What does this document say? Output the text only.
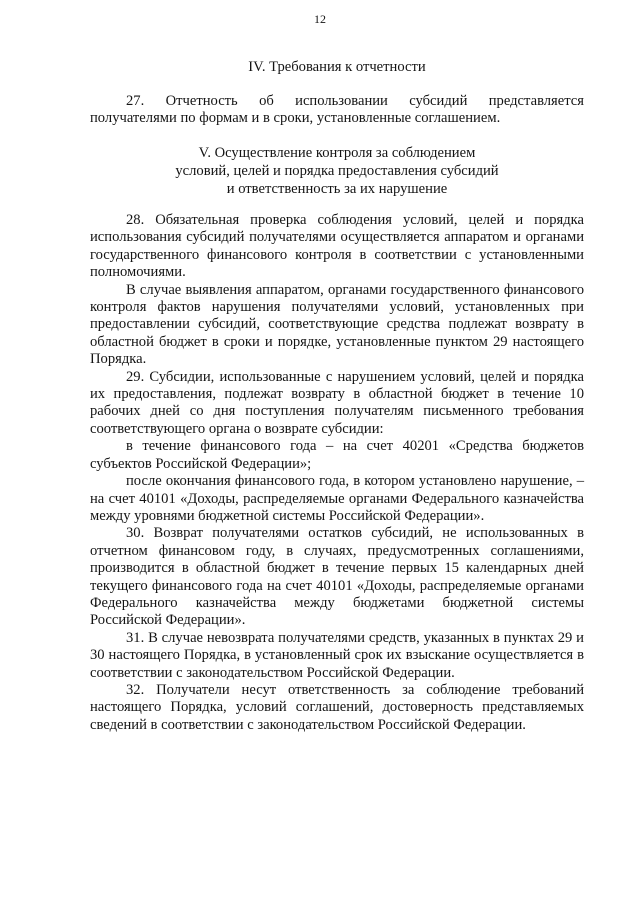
12
IV. Требования к отчетности

27. Отчетность об использовании субсидий представляется получателями по формам и в сроки, установленные соглашением.

V. Осуществление контроля за соблюдением
условий, целей и порядка предоставления субсидий
и ответственность за их нарушение

28. Обязательная проверка соблюдения условий, целей и порядка использования субсидий получателями осуществляется аппаратом и органами государственного финансового контроля в соответствии с установленными полномочиями.

В случае выявления аппаратом, органами государственного финансового контроля фактов нарушения получателями условий, установленных при предоставлении субсидий, соответствующие средства подлежат возврату в областной бюджет в сроки и порядке, установленные пунктом 29 настоящего Порядка.

29. Субсидии, использованные с нарушением условий, целей и порядка их предоставления, подлежат возврату в областной бюджет в течение 10 рабочих дней со дня поступления получателям письменного требования соответствующего органа о возврате субсидии:

в течение финансового года – на счет 40201 «Средства бюджетов субъектов Российской Федерации»;

после окончания финансового года, в котором установлено нарушение, – на счет 40101 «Доходы, распределяемые органами Федерального казначейства между уровнями бюджетной системы Российской Федерации».

30. Возврат получателями остатков субсидий, не использованных в отчетном финансовом году, в случаях, предусмотренных соглашениями, производится в областной бюджет в течение первых 15 календарных дней текущего финансового года на счет 40101 «Доходы, распределяемые органами Федерального казначейства между бюджетами бюджетной системы Российской Федерации».

31. В случае невозврата получателями средств, указанных в пунктах 29 и 30 настоящего Порядка, в установленный срок их взыскание осуществляется в соответствии с законодательством Российской Федерации.

32. Получатели несут ответственность за соблюдение требований настоящего Порядка, условий соглашений, достоверность представляемых сведений в соответствии с законодательством Российской Федерации.
